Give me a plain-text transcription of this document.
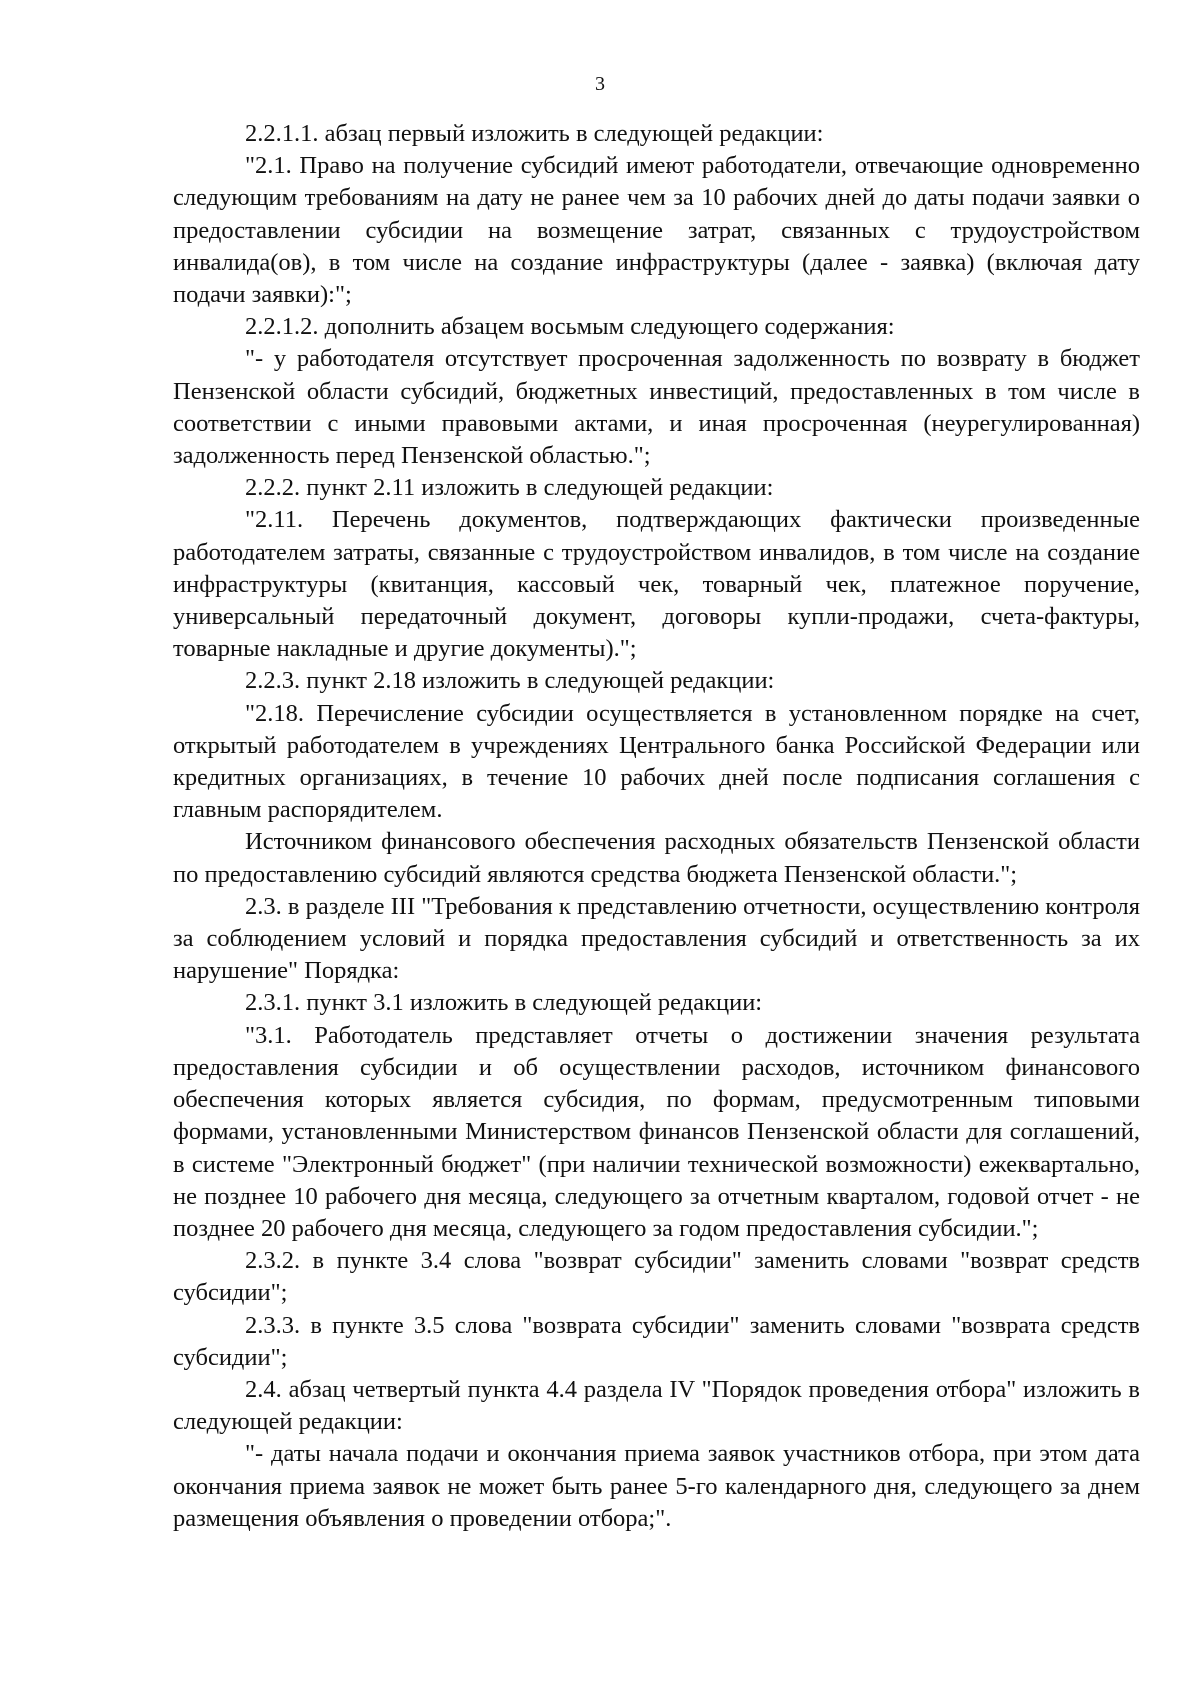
3

2.2.1.1. абзац первый изложить в следующей редакции:

"2.1. Право на получение субсидий имеют работодатели, отвечающие одновременно следующим требованиям на дату не ранее чем за 10 рабочих дней до даты подачи заявки о предоставлении субсидии на возмещение затрат, связанных с трудоустройством инвалида(ов), в том числе на создание инфраструктуры (далее - заявка) (включая дату подачи заявки):";

2.2.1.2. дополнить абзацем восьмым следующего содержания:

"- у работодателя отсутствует просроченная задолженность по возврату в бюджет Пензенской области субсидий, бюджетных инвестиций, предоставленных в том числе в соответствии с иными правовыми актами, и иная просроченная (неурегулированная) задолженность перед Пензенской областью.";

2.2.2. пункт 2.11 изложить в следующей редакции:

"2.11. Перечень документов, подтверждающих фактически произведенные работодателем затраты, связанные с трудоустройством инвалидов, в том числе на создание инфраструктуры (квитанция, кассовый чек, товарный чек, платежное поручение, универсальный передаточный документ, договоры купли-продажи, счета-фактуры, товарные накладные и другие документы).";

2.2.3. пункт 2.18 изложить в следующей редакции:

"2.18. Перечисление субсидии осуществляется в установленном порядке на счет, открытый работодателем в учреждениях Центрального банка Российской Федерации или кредитных организациях, в течение 10 рабочих дней после подписания соглашения с главным распорядителем.

Источником финансового обеспечения расходных обязательств Пензенской области по предоставлению субсидий являются средства бюджета Пензенской области.";

2.3. в разделе III "Требования к представлению отчетности, осуществлению контроля за соблюдением условий и порядка предоставления субсидий и ответственность за их нарушение" Порядка:

2.3.1. пункт 3.1 изложить в следующей редакции:

"3.1. Работодатель представляет отчеты о достижении значения результата предоставления субсидии и об осуществлении расходов, источником финансового обеспечения которых является субсидия, по формам, предусмотренным типовыми формами, установленными Министерством финансов Пензенской области для соглашений, в системе "Электронный бюджет" (при наличии технической возможности) ежеквартально, не позднее 10 рабочего дня месяца, следующего за отчетным кварталом, годовой отчет - не позднее 20 рабочего дня месяца, следующего за годом предоставления субсидии.";

2.3.2. в пункте 3.4 слова "возврат субсидии" заменить словами "возврат средств субсидии";

2.3.3. в пункте 3.5 слова "возврата субсидии" заменить словами "возврата средств субсидии";

2.4. абзац четвертый пункта 4.4 раздела IV "Порядок проведения отбора" изложить в следующей редакции:

"- даты начала подачи и окончания приема заявок участников отбора, при этом дата окончания приема заявок не может быть ранее 5-го календарного дня, следующего за днем размещения объявления о проведении отбора;".
